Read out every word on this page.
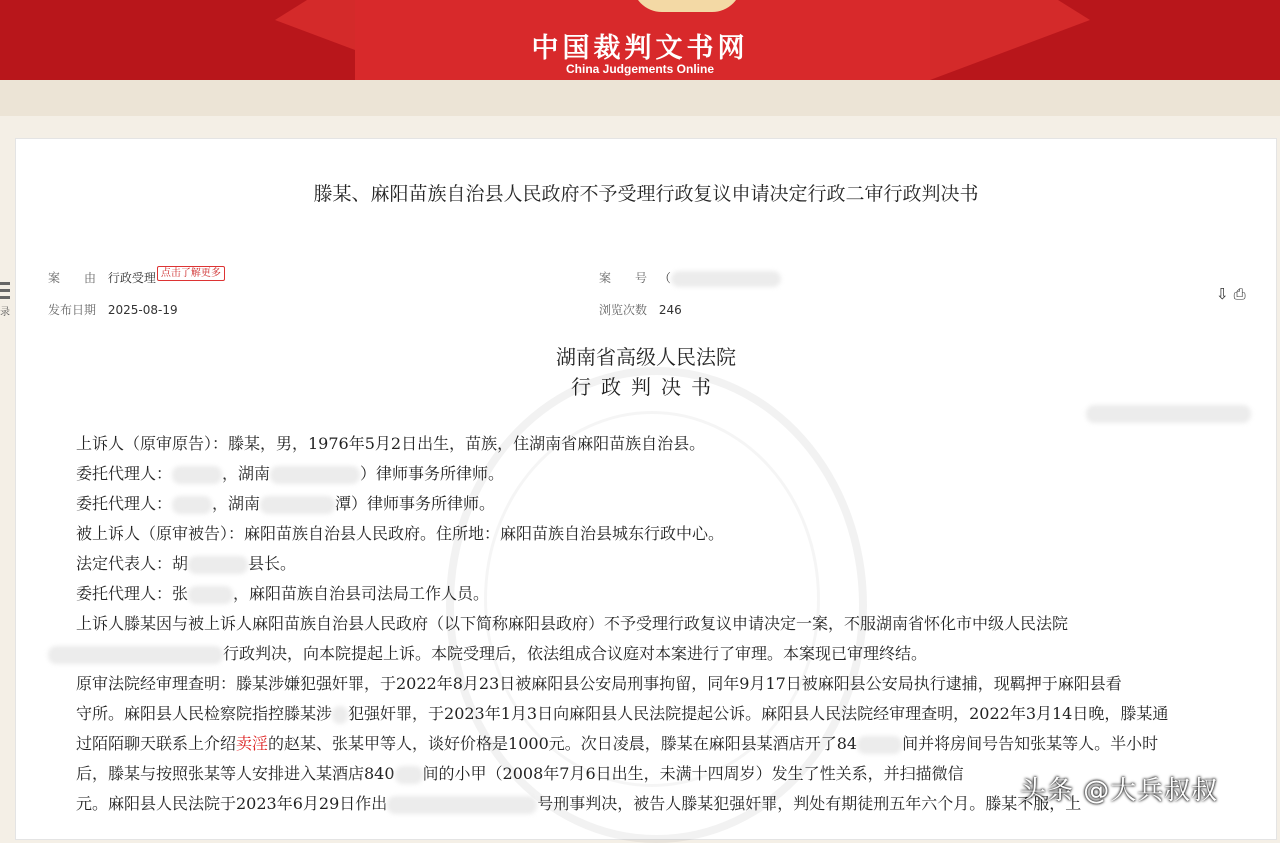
中国裁判文书网
China Judgements Online
录
滕某、麻阳苗族自治县人民政府不予受理行政复议申请决定行政二审行政判决书
案　　由 行政受理 点击了解更多	案　　号 （
发布日期 2025-08-19	浏览次数 246
⇩ ⎙
湖南省高级人民法院
行政判决书
上诉人（原审原告）：滕某，男，1976年5月2日出生，苗族，住湖南省麻阳苗族自治县。
委托代理人：	，湖南	）律师事务所律师。
委托代理人：	，湖南	潭）律师事务所律师。
被上诉人（原审被告）：麻阳苗族自治县人民政府。住所地：麻阳苗族自治县城东行政中心。
法定代表人：胡	县长。
委托代理人：张	，麻阳苗族自治县司法局工作人员。
上诉人滕某因与被上诉人麻阳苗族自治县人民政府（以下简称麻阳县政府）不予受理行政复议申请决定一案，不服湖南省怀化市中级人民法院
行政判决，向本院提起上诉。本院受理后，依法组成合议庭对本案进行了审理。本案现已审理终结。
原审法院经审理查明：滕某涉嫌犯强奸罪，于2022年8月23日被麻阳县公安局刑事拘留，同年9月17日被麻阳县公安局执行逮捕，现羁押于麻阳县看
守所。麻阳县人民检察院指控滕某涉 犯强奸罪，于2023年1月3日向麻阳县人民法院提起公诉。麻阳县人民法院经审理查明，2022年3月14日晚，滕某通
过陌陌聊天联系上介绍卖淫的赵某、张某甲等人，谈好价格是1000元。次日凌晨，滕某在麻阳县某酒店开了84	间并将房间号告知张某等人。半小时
后，滕某与按照张某等人安排进入某酒店840 间的小甲（2008年7月6日出生，未满十四周岁）发生了性关系，并扫描微信
元。麻阳县人民法院于2023年6月29日作出	号刑事判决，被告人滕某犯强奸罪，判处有期徒刑五年六个月。滕某不服，上
头条 @大兵叔叔
